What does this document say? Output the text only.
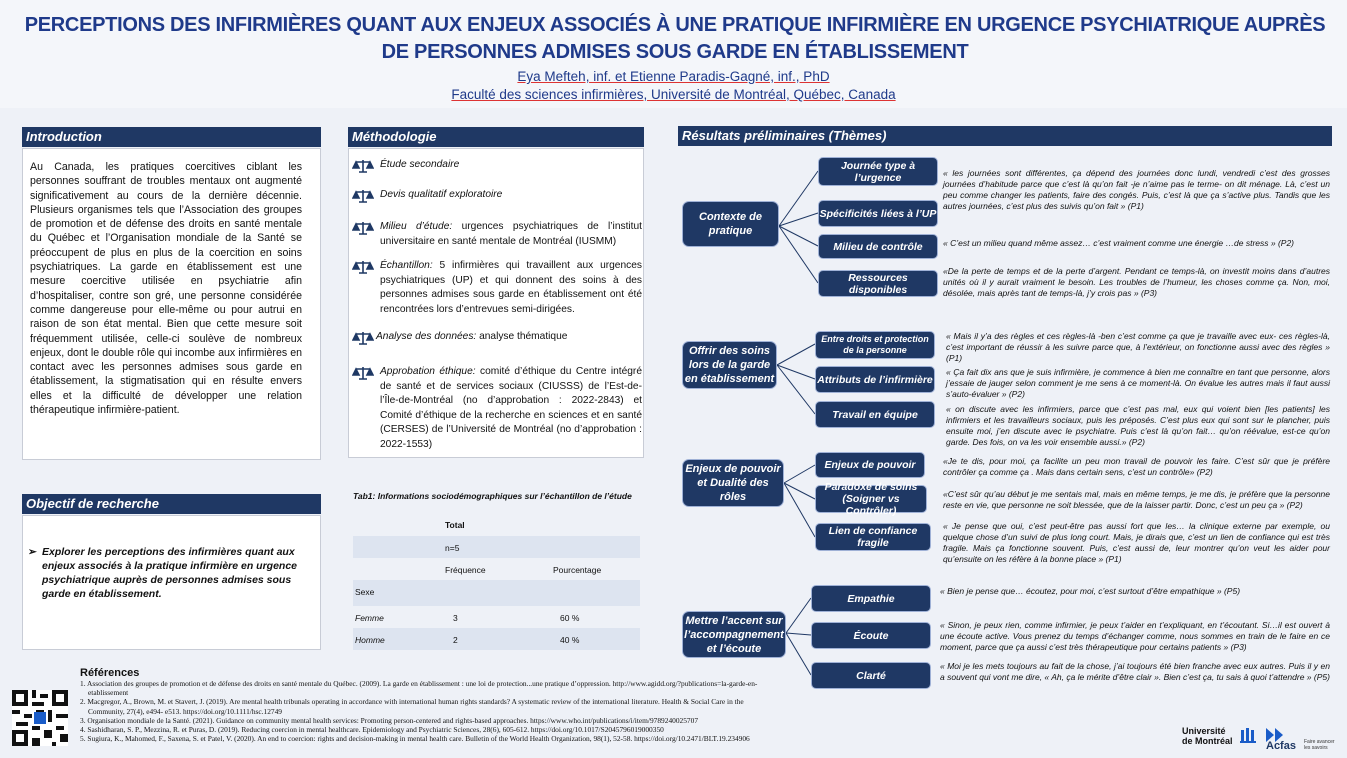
PERCEPTIONS DES INFIRMIÈRES QUANT AUX ENJEUX ASSOCIÉS À UNE PRATIQUE INFIRMIÈRE EN URGENCE PSYCHIATRIQUE AUPRÈS
DE PERSONNES ADMISES SOUS GARDE EN ÉTABLISSEMENT
Eya Mefteh, inf. et Etienne Paradis-Gagné, inf., PhD
Faculté des sciences infirmières, Université de Montréal, Québec, Canada
Introduction
Au Canada, les pratiques coercitives ciblant les personnes souffrant de troubles mentaux ont augmenté significativement au cours de la dernière décennie. Plusieurs organismes tels que l’Association des groupes de promotion et de défense des droits en santé mentale du Québec et l’Organisation mondiale de la Santé se préoccupent de plus en plus de la coercition en soins psychiatriques. La garde en établissement est une mesure coercitive utilisée en psychiatrie afin d’hospitaliser, contre son gré, une personne considérée comme dangereuse pour elle-même ou pour autrui en raison de son état mental. Bien que cette mesure soit fréquemment utilisée, celle-ci soulève de nombreux enjeux, dont le double rôle qui incombe aux infirmières en contact avec les personnes admises sous garde en établissement, la stigmatisation qui en résulte envers elles et la difficulté de développer une relation thérapeutique infirmière-patient.
Objectif de recherche
➢ Explorer les perceptions des infirmières quant aux enjeux associés à la pratique infirmière en urgence psychiatrique auprès de personnes admises sous garde en établissement.
Méthodologie
Étude secondaire
Devis qualitatif exploratoire
Milieu d’étude: urgences psychiatriques de l’institut universitaire en santé mentale de Montréal (IUSMM)
Échantillon: 5 infirmières qui travaillent aux urgences psychiatriques (UP) et qui donnent des soins à des personnes admises sous garde en établissement ont été rencontrées lors d’entrevues semi-dirigées.
Analyse des données: analyse thématique
Approbation éthique: comité d’éthique du Centre intégré de santé et de services sociaux (CIUSSS) de l’Est-de-l’Île-de-Montréal (no d’approbation : 2022-2843) et Comité d’éthique de la recherche en sciences et en santé (CERSES) de l’Université de Montréal (no d’approbation : 2022-1553)
Tab1: Informations sociodémographiques sur l’échantillon de l’étude
Total
n=5
Fréquence	Pourcentage
Sexe
Femme	3	60 %
Homme	2	40 %
Résultats préliminaires (Thèmes)
Contexte de pratique
Offrir des soins lors de la garde en établissement
Enjeux de pouvoir et Dualité des rôles
Mettre l’accent sur l’accompagnement et l’écoute
Journée type à l’urgence
Spécificités liées à l’UP
Milieu de contrôle
Ressources disponibles
Entre droits et protection de la personne
Attributs de l’infirmière
Travail en équipe
Enjeux de pouvoir
Paradoxe de soins (Soigner vs Contrôler)
Lien de confiance fragile
Empathie
Écoute
Clarté
« les journées sont différentes, ça dépend des journées donc lundi, vendredi c’est des grosses journées d’habitude parce que c’est là qu’on fait -je n’aime pas le terme- on dit ménage. Là, c’est un peu comme changer les patients, faire des congés. Puis, c’est là que ça s’active plus. Tandis que les autres journées, c’est plus des suivis qu’on fait » (P1)
« C’est un milieu quand même assez… c’est vraiment comme une énergie …de stress » (P2)
«De la perte de temps et de la perte d’argent. Pendant ce temps-là, on investit moins dans d’autres unités où il y aurait vraiment le besoin. Les troubles de l’humeur, les choses comme ça. Non, moi, désolée, mais après tant de temps-là, j’y crois pas » (P3)
« Mais il y’a des règles et ces règles-là -ben c’est comme ça que je travaille avec eux- ces règles-là, c’est important de réussir à les suivre parce que, à l’extérieur, on fonctionne aussi avec des règles » (P1)
« Ça fait dix ans que je suis infirmière, je commence à bien me connaître en tant que personne, alors j’essaie de jauger selon comment je me sens à ce moment-là. On évalue les autres mais il faut aussi s’auto-évaluer » (P2)
« on discute avec les infirmiers, parce que c’est pas mal, eux qui voient bien [les patients] les infirmiers et les travailleurs sociaux, puis les préposés. C’est plus eux qui sont sur le plancher, puis ensuite moi, j’en discute avec le psychiatre. Puis c’est là qu’on fait… qu’on réévalue, est-ce qu’on garde. Des fois, on va les voir ensemble aussi.» (P2)
«Je te dis, pour moi, ça facilite un peu mon travail de pouvoir les faire. C’est sûr que je préfère contrôler ça comme ça . Mais dans certain sens, c’est un contrôle» (P2)
«C’est sûr qu’au début je me sentais mal, mais en même temps, je me dis, je préfère que la personne reste en vie, que personne ne soit blessée, que de la laisser partir. Donc, c’est un peu ça » (P2)
« Je pense que oui, c’est peut-être pas aussi fort que les… la clinique externe par exemple, ou quelque chose d’un suivi de plus long court. Mais, je dirais que, c’est un lien de confiance qui est très fragile. Mais ça fonctionne souvent. Puis, c’est aussi de, leur montrer qu’on veut les aider pour qu’ensuite on les réfère à la bonne place » (P1)
« Bien je pense que… écoutez, pour moi, c’est surtout d’être empathique » (P5)
« Sinon, je peux rien, comme infirmier, je peux t’aider en t’expliquant, en t’écoutant. Si…il est ouvert à une écoute active. Vous prenez du temps d’échanger comme, nous sommes en train de le faire en ce moment, parce que ça aussi c’est très thérapeutique pour certains patients » (P3)
« Moi je les mets toujours au fait de la chose, j’ai toujours été bien franche avec eux autres. Puis il y en a souvent qui vont me dire, « Ah, ça le mérite d’être clair ». Bien c’est ça, tu sais à quoi t’attendre » (P5)
Références
1. Association des groupes de promotion et de défense des droits en santé mentale du Québec. (2009). La garde en établissement : une loi de protection...une pratique d’oppression. http://www.agidd.org/?publications=la-garde-en-etablissement
2. Macgregor, A., Brown, M. et Stavert, J. (2019). Are mental health tribunals operating in accordance with international human rights standards? A systematic review of the international literature. Health & Social Care in the Community, 27(4), e494- e513. https://doi.org/10.1111/hsc.12749
3. Organisation mondiale de la Santé. (2021). Guidance on community mental health services: Promoting person-centered and rights-based approaches. https://www.who.int/publications/i/item/9789240025707
4. Sashidharan, S. P., Mezzina, R. et Puras, D. (2019). Reducing coercion in mental healthcare. Epidemiology and Psychiatric Sciences, 28(6), 605-612. https://doi.org/10.1017/S2045796019000350
5. Sugiura, K., Mahomed, F., Saxena, S. et Patel, V. (2020). An end to coercion: rights and decision-making in mental health care. Bulletin of the World Health Organization, 98(1), 52-58. https://doi.org/10.2471/BLT.19.234906
Université
de Montréal	Acfas Faire avancer les savoirs
